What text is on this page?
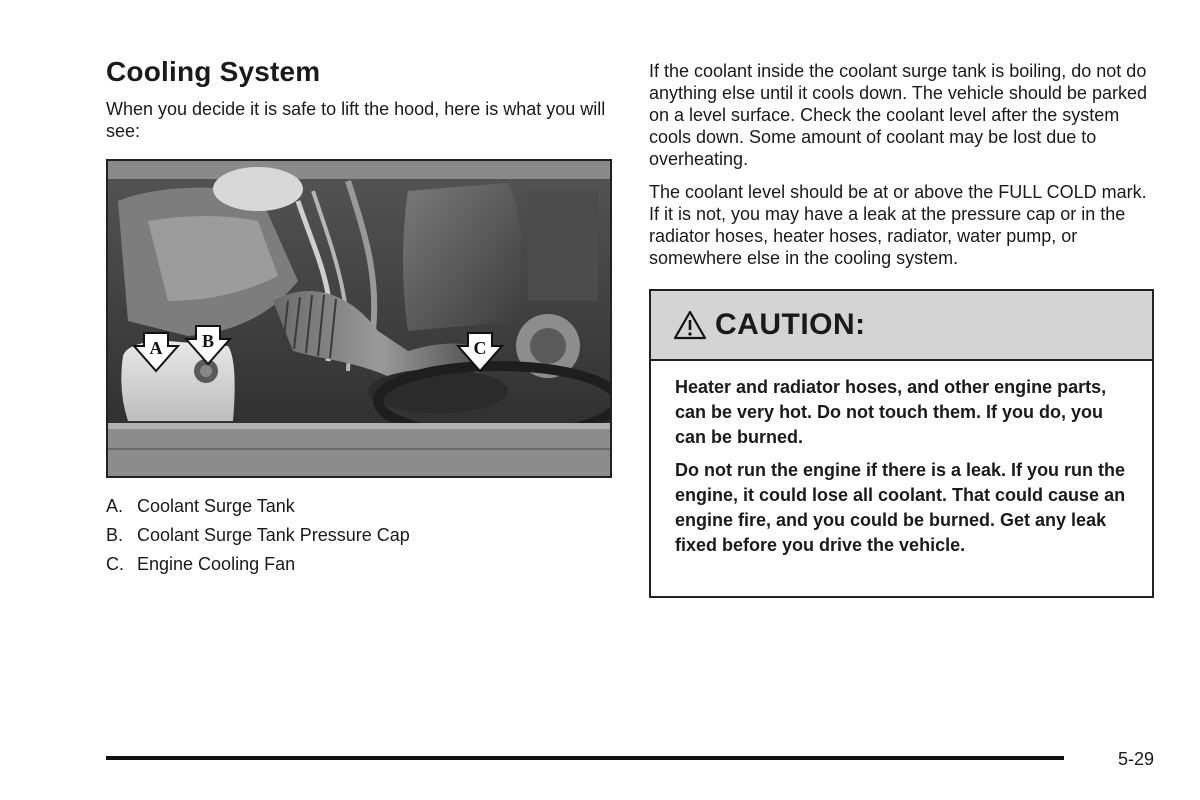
Cooling System

When you decide it is safe to lift the hood, here is what you will see:

A B	C
A. Coolant Surge Tank
B. Coolant Surge Tank Pressure Cap
C. Engine Cooling Fan

If the coolant inside the coolant surge tank is boiling, do not do anything else until it cools down. The vehicle should be parked on a level surface. Check the coolant level after the system cools down. Some amount of coolant may be lost due to overheating.

The coolant level should be at or above the FULL COLD mark. If it is not, you may have a leak at the pressure cap or in the radiator hoses, heater hoses, radiator, water pump, or somewhere else in the cooling system.

CAUTION:

Heater and radiator hoses, and other engine parts, can be very hot. Do not touch them. If you do, you can be burned.

Do not run the engine if there is a leak. If you run the engine, it could lose all coolant. That could cause an engine fire, and you could be burned. Get any leak fixed before you drive the vehicle.

5-29
